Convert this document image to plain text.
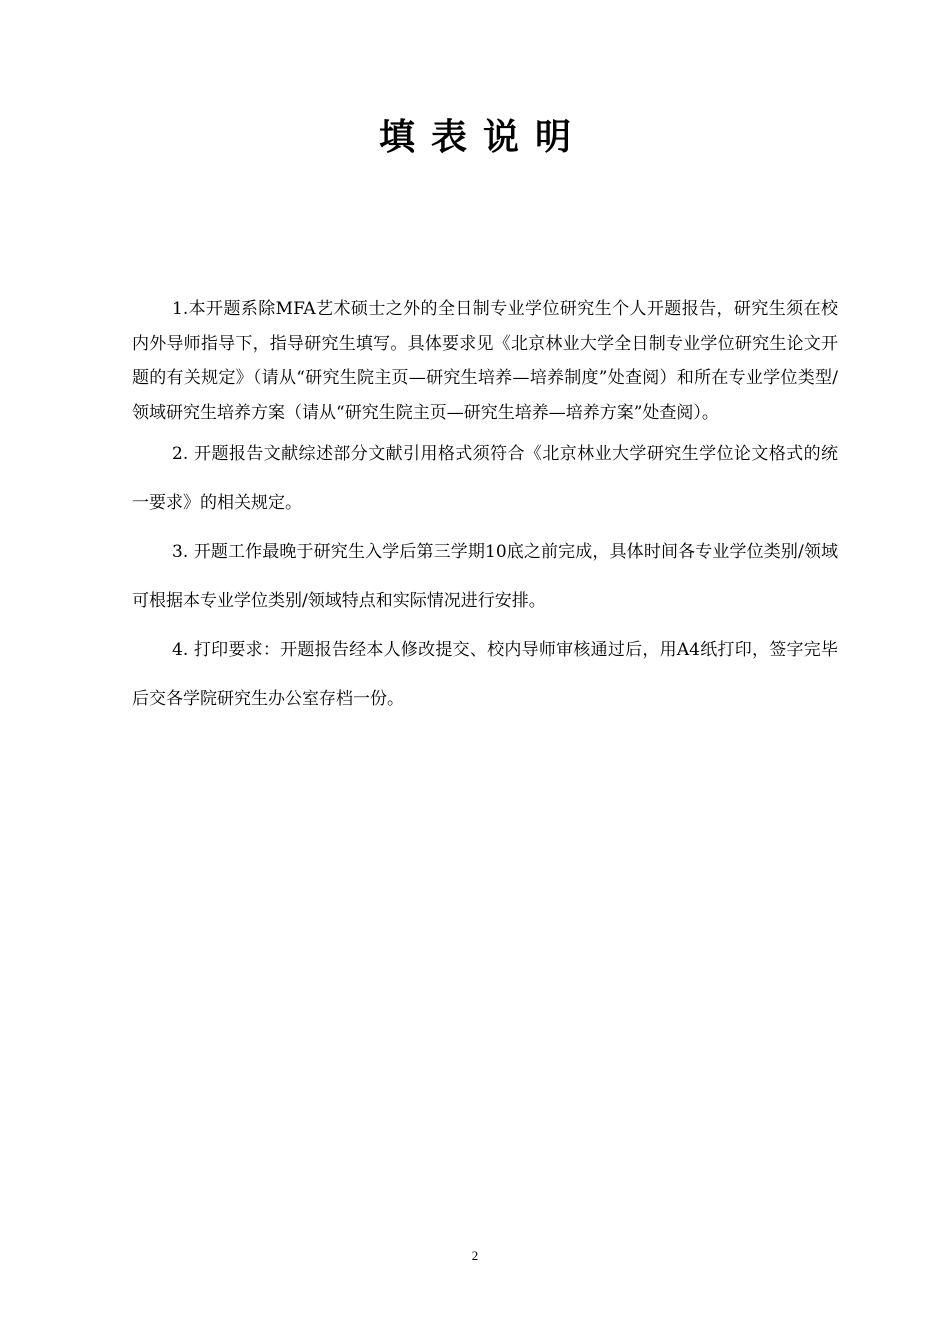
填表说明

1.本开题系除MFA艺术硕士之外的全日制专业学位研究生个人开题报告，研究生须在校内外导师指导下，指导研究生填写。具体要求见《北京林业大学全日制专业学位研究生论文开题的有关规定》（请从“研究生院主页—研究生培养—培养制度”处查阅）和所在专业学位类型/领域研究生培养方案（请从“研究生院主页—研究生培养—培养方案”处查阅）。

2. 开题报告文献综述部分文献引用格式须符合《北京林业大学研究生学位论文格式的统一要求》的相关规定。

3. 开题工作最晚于研究生入学后第三学期10底之前完成，具体时间各专业学位类别/领域可根据本专业学位类别/领域特点和实际情况进行安排。

4. 打印要求：开题报告经本人修改提交、校内导师审核通过后，用A4纸打印，签字完毕后交各学院研究生办公室存档一份。

2
